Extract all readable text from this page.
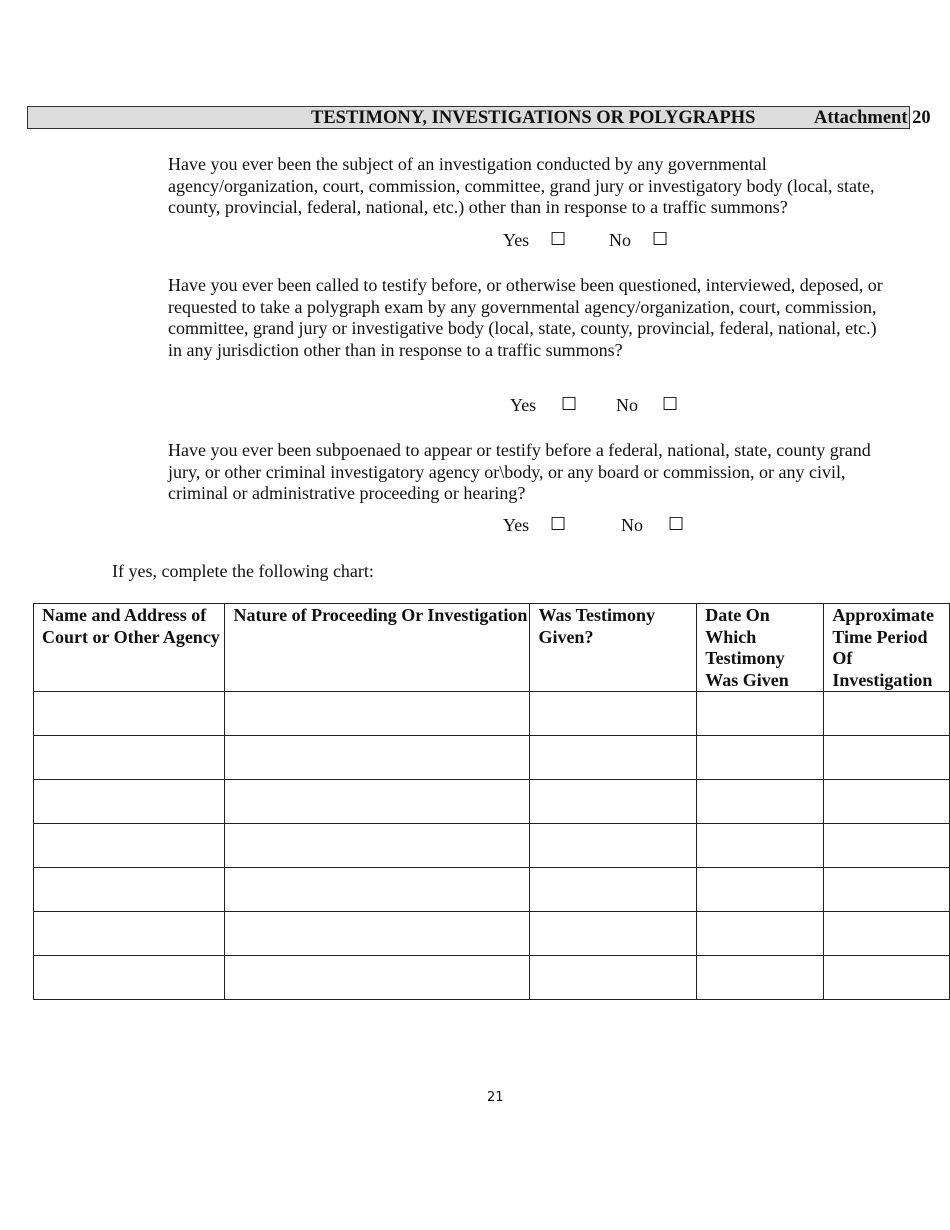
TESTIMONY, INVESTIGATIONS OR POLYGRAPHS	Attachment 20

Have you ever been the subject of an investigation conducted by any governmental agency/organization, court, commission, committee, grand jury or investigatory body (local, state, county, provincial, federal, national, etc.) other than in response to a traffic summons?

Yes ☐ No ☐

Have you ever been called to testify before, or otherwise been questioned, interviewed, deposed, or requested to take a polygraph exam by any governmental agency/organization, court, commission, committee, grand jury or investigative body (local, state, county, provincial, federal, national, etc.) in any jurisdiction other than in response to a traffic summons?

Yes ☐ No ☐

Have you ever been subpoenaed to appear or testify before a federal, national, state, county grand jury, or other criminal investigatory agency or\body, or any board or commission, or any civil, criminal or administrative proceeding or hearing?

Yes ☐	No ☐
If yes, complete the following chart:
Name and Address of Court or Other Agency	Nature of Proceeding Or Investigation	Was Testimony Given?	Date On Which Testimony Was Given	Approximate Time Period Of Investigation

21
